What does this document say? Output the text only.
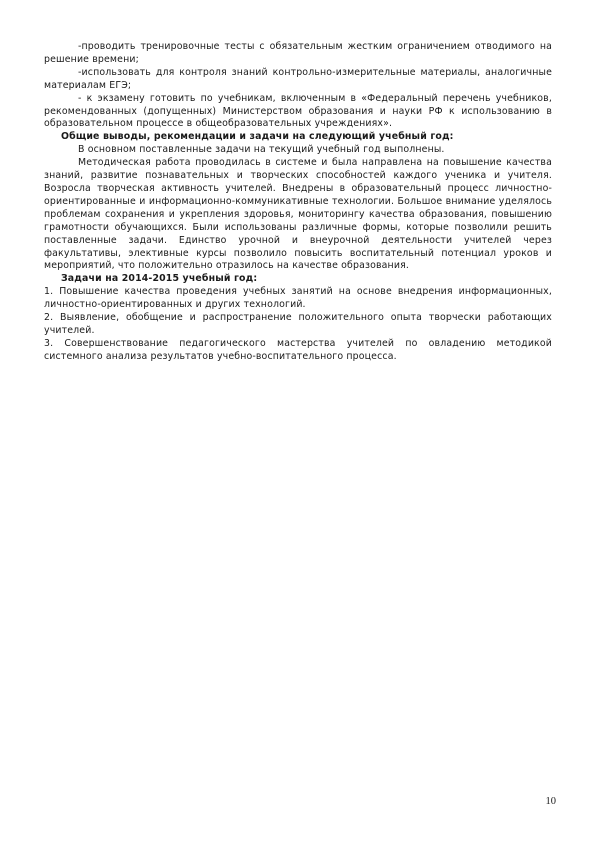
-проводить тренировочные тесты с обязательным жестким ограничением отводимого на решение времени;

-использовать для контроля знаний контрольно-измерительные материалы, аналогичные материалам ЕГЭ;

- к экзамену готовить по учебникам, включенным в «Федеральный перечень учебников, рекомендованных (допущенных) Министерством образования и науки РФ к использованию в образовательном процессе в общеобразовательных учреждениях».

Общие выводы, рекомендации и задачи на следующий учебный год:

В основном поставленные задачи на текущий учебный год выполнены.

Методическая работа проводилась в системе и была направлена на повышение качества знаний, развитие познавательных и творческих способностей каждого ученика и учителя. Возросла творческая активность учителей. Внедрены в образовательный процесс личностно-ориентированные и информационно-коммуникативные технологии. Большое внимание уделялось проблемам сохранения и укрепления здоровья, мониторингу качества образования, повышению грамотности обучающихся. Были использованы различные формы, которые позволили решить поставленные задачи. Единство урочной и внеурочной деятельности учителей через факультативы, элективные курсы позволило повысить воспитательный потенциал уроков и мероприятий, что положительно отразилось на качестве образования.

Задачи на 2014-2015 учебный год:

1. Повышение качества проведения учебных занятий на основе внедрения информационных, личностно-ориентированных и других технологий.

2. Выявление, обобщение и распространение положительного опыта творчески работающих учителей.

3. Совершенствование педагогического мастерства учителей по овладению методикой системного анализа результатов учебно-воспитательного процесса.

10
